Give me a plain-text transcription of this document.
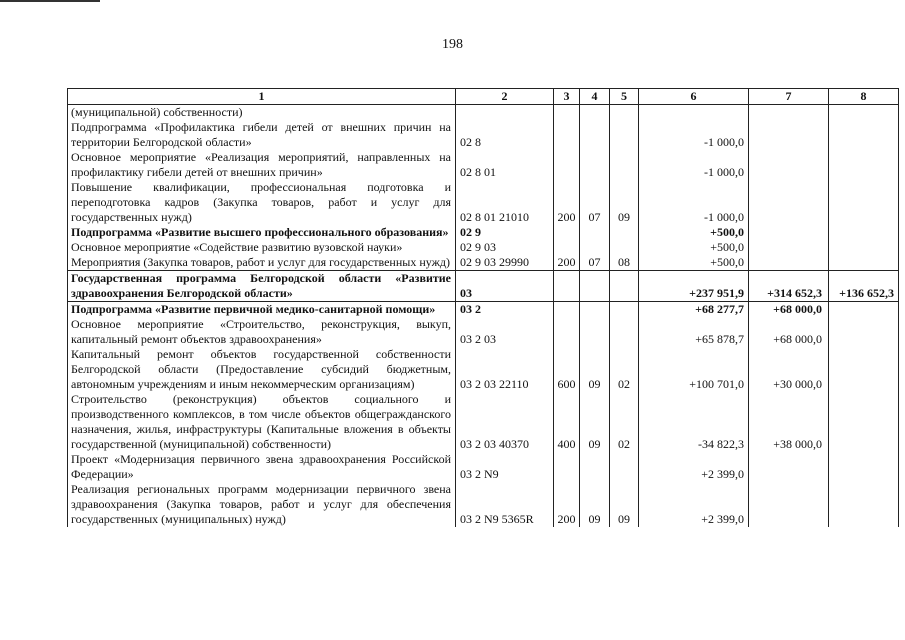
198
1	2	3	4	5	6	7	8
(муниципальной) собственности)							
Подпрограмма «Профилактика гибели детей от внешних причин на территории Белгородской области»	02 8				-1 000,0		
Основное мероприятие «Реализация мероприятий, направленных на профилактику гибели детей от внешних причин»	02 8 01				-1 000,0		
Повышение квалификации, профессиональная подготовка и переподготовка кадров (Закупка товаров, работ и услуг для государственных нужд)	02 8 01 21010	200	07	09	-1 000,0		
Подпрограмма «Развитие высшего профессионального образования»	02 9				+500,0		
Основное мероприятие «Содействие развитию вузовской науки»	02 9 03				+500,0		
Мероприятия (Закупка товаров, работ и услуг для государственных нужд)	02 9 03 29990	200	07	08	+500,0		
Государственная программа Белгородской области «Развитие здравоохранения Белгородской области»	03				+237 951,9	+314 652,3	+136 652,3
Подпрограмма «Развитие первичной медико-санитарной помощи»	03 2				+68 277,7	+68 000,0	
Основное мероприятие «Строительство, реконструкция, выкуп, капитальный ремонт объектов здравоохранения»	03 2 03				+65 878,7	+68 000,0	
Капитальный ремонт объектов государственной собственности Белгородской области (Предоставление субсидий бюджетным, автономным учреждениям и иным некоммерческим организациям)	03 2 03 22110	600	09	02	+100 701,0	+30 000,0	
Строительство (реконструкция) объектов социального и производственного комплексов, в том числе объектов общегражданского назначения, жилья, инфраструктуры (Капитальные вложения в объекты государственной (муниципальной) собственности)	03 2 03 40370	400	09	02	-34 822,3	+38 000,0	
Проект «Модернизация первичного звена здравоохранения Российской Федерации»	03 2 N9				+2 399,0		
Реализация региональных программ модернизации первичного звена здравоохранения (Закупка товаров, работ и услуг для обеспечения государственных (муниципальных) нужд)	03 2 N9 5365R	200	09	09	+2 399,0		
